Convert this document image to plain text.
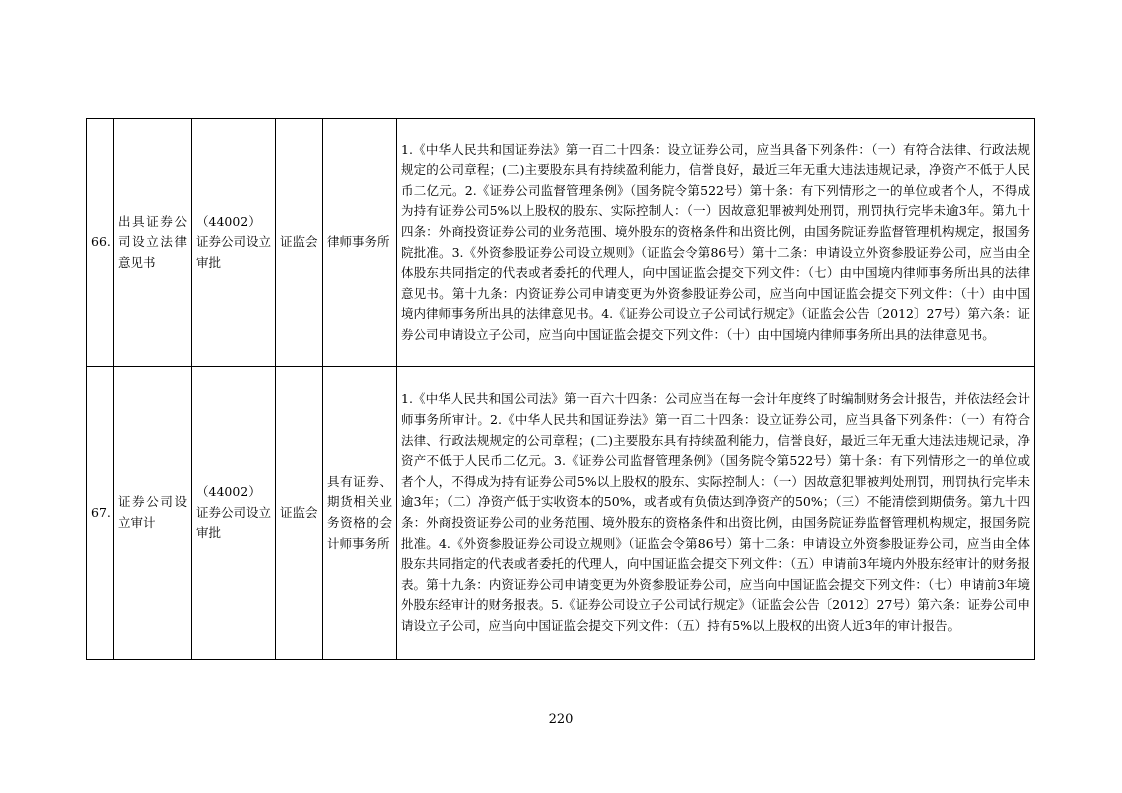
66.	出具证券公司设立法律意见书	（44002）证券公司设立审批	证监会	律师事务所	1.《中华人民共和国证券法》第一百二十四条：设立证券公司，应当具备下列条件：（一）有符合法律、行政法规规定的公司章程；(二)主要股东具有持续盈利能力，信誉良好，最近三年无重大违法违规记录，净资产不低于人民币二亿元。2.《证券公司监督管理条例》（国务院令第522号）第十条：有下列情形之一的单位或者个人，不得成为持有证券公司5%以上股权的股东、实际控制人：（一）因故意犯罪被判处刑罚，刑罚执行完毕未逾3年。第九十四条：外商投资证券公司的业务范围、境外股东的资格条件和出资比例，由国务院证券监督管理机构规定，报国务院批准。3.《外资参股证券公司设立规则》（证监会令第86号）第十二条：申请设立外资参股证券公司，应当由全体股东共同指定的代表或者委托的代理人，向中国证监会提交下列文件：（七）由中国境内律师事务所出具的法律意见书。第十九条：内资证券公司申请变更为外资参股证券公司，应当向中国证监会提交下列文件：（十）由中国境内律师事务所出具的法律意见书。4.《证券公司设立子公司试行规定》（证监会公告〔2012〕27号）第六条：证券公司申请设立子公司，应当向中国证监会提交下列文件：（十）由中国境内律师事务所出具的法律意见书。
67.	证券公司设立审计	（44002）证券公司设立审批	证监会	具有证券、期货相关业务资格的会计师事务所	1.《中华人民共和国公司法》第一百六十四条：公司应当在每一会计年度终了时编制财务会计报告，并依法经会计师事务所审计。2.《中华人民共和国证券法》第一百二十四条：设立证券公司，应当具备下列条件：（一）有符合法律、行政法规规定的公司章程；(二)主要股东具有持续盈利能力，信誉良好，最近三年无重大违法违规记录，净资产不低于人民币二亿元。3.《证券公司监督管理条例》（国务院令第522号）第十条：有下列情形之一的单位或者个人，不得成为持有证券公司5%以上股权的股东、实际控制人：（一）因故意犯罪被判处刑罚，刑罚执行完毕未逾3年；（二）净资产低于实收资本的50%，或者或有负债达到净资产的50%；（三）不能清偿到期债务。第九十四条：外商投资证券公司的业务范围、境外股东的资格条件和出资比例，由国务院证券监督管理机构规定，报国务院批准。4.《外资参股证券公司设立规则》（证监会令第86号）第十二条：申请设立外资参股证券公司，应当由全体股东共同指定的代表或者委托的代理人，向中国证监会提交下列文件：（五）申请前3年境内外股东经审计的财务报表。第十九条：内资证券公司申请变更为外资参股证券公司，应当向中国证监会提交下列文件：（七）申请前3年境外股东经审计的财务报表。5.《证券公司设立子公司试行规定》（证监会公告〔2012〕27号）第六条：证券公司申请设立子公司，应当向中国证监会提交下列文件：（五）持有5%以上股权的出资人近3年的审计报告。
220
